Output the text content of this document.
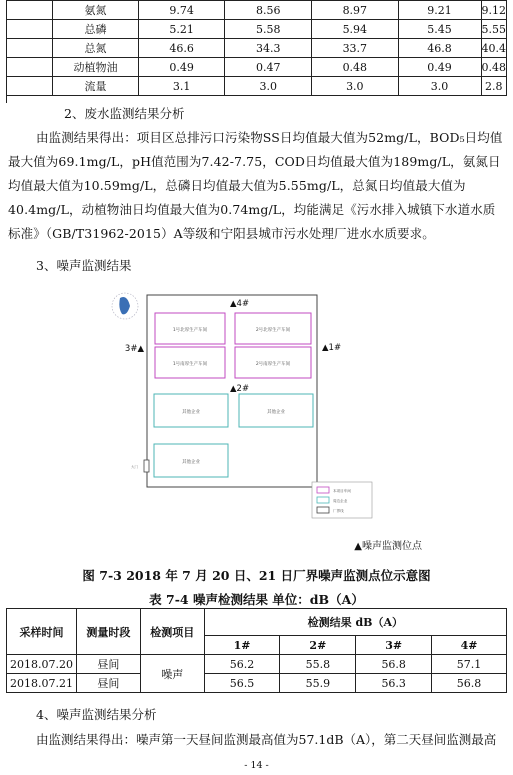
	氨氮	9.74	8.56	8.97	9.21	9.12
	总磷	5.21	5.58	5.94	5.45	5.55
	总氮	46.6	34.3	33.7	46.8	40.4
	动植物油	0.49	0.47	0.48	0.49	0.48
	流量	3.1	3.0	3.0	3.0	2.8
2、废水监测结果分析
由监测结果得出：项目区总排污口污染物SS日均值最大值为52mg/L，BOD₅日均值最大值为69.1mg/L，pH值范围为7.42-7.75，COD日均值最大值为189mg/L，氨氮日均值最大值为10.59mg/L，总磷日均值最大值为5.55mg/L，总氮日均值最大值为40.4mg/L，动植物油日均值最大值为0.74mg/L，均能满足《污水排入城镇下水道水质标准》（GB/T31962-2015）A等级和宁阳县城市污水处理厂进水水质要求。
3、噪声监测结果
1号北厚生产车间	2号北厚生产车间
1号南厚生产车间	2号南厚生产车间
其他企业	其他企业
其他企业
大门
▲4#
▲1#
▲2#
3#▲
本项目车间
周边企业
厂界线
▲噪声监测位点
图 7-3 2018 年 7 月 20 日、21 日厂界噪声监测点位示意图
表 7-4 噪声检测结果 单位：dB（A）
采样时间	测量时段	检测项目	检测结果 dB（A）			
			1#	2#	3#	4#
2018.07.20	昼间	噪声	56.2	55.8	56.8	57.1
2018.07.21	昼间		56.5	55.9	56.3	56.8
4、噪声监测结果分析
由监测结果得出：噪声第一天昼间监测最高值为57.1dB（A），第二天昼间监测最高
- 14 -
